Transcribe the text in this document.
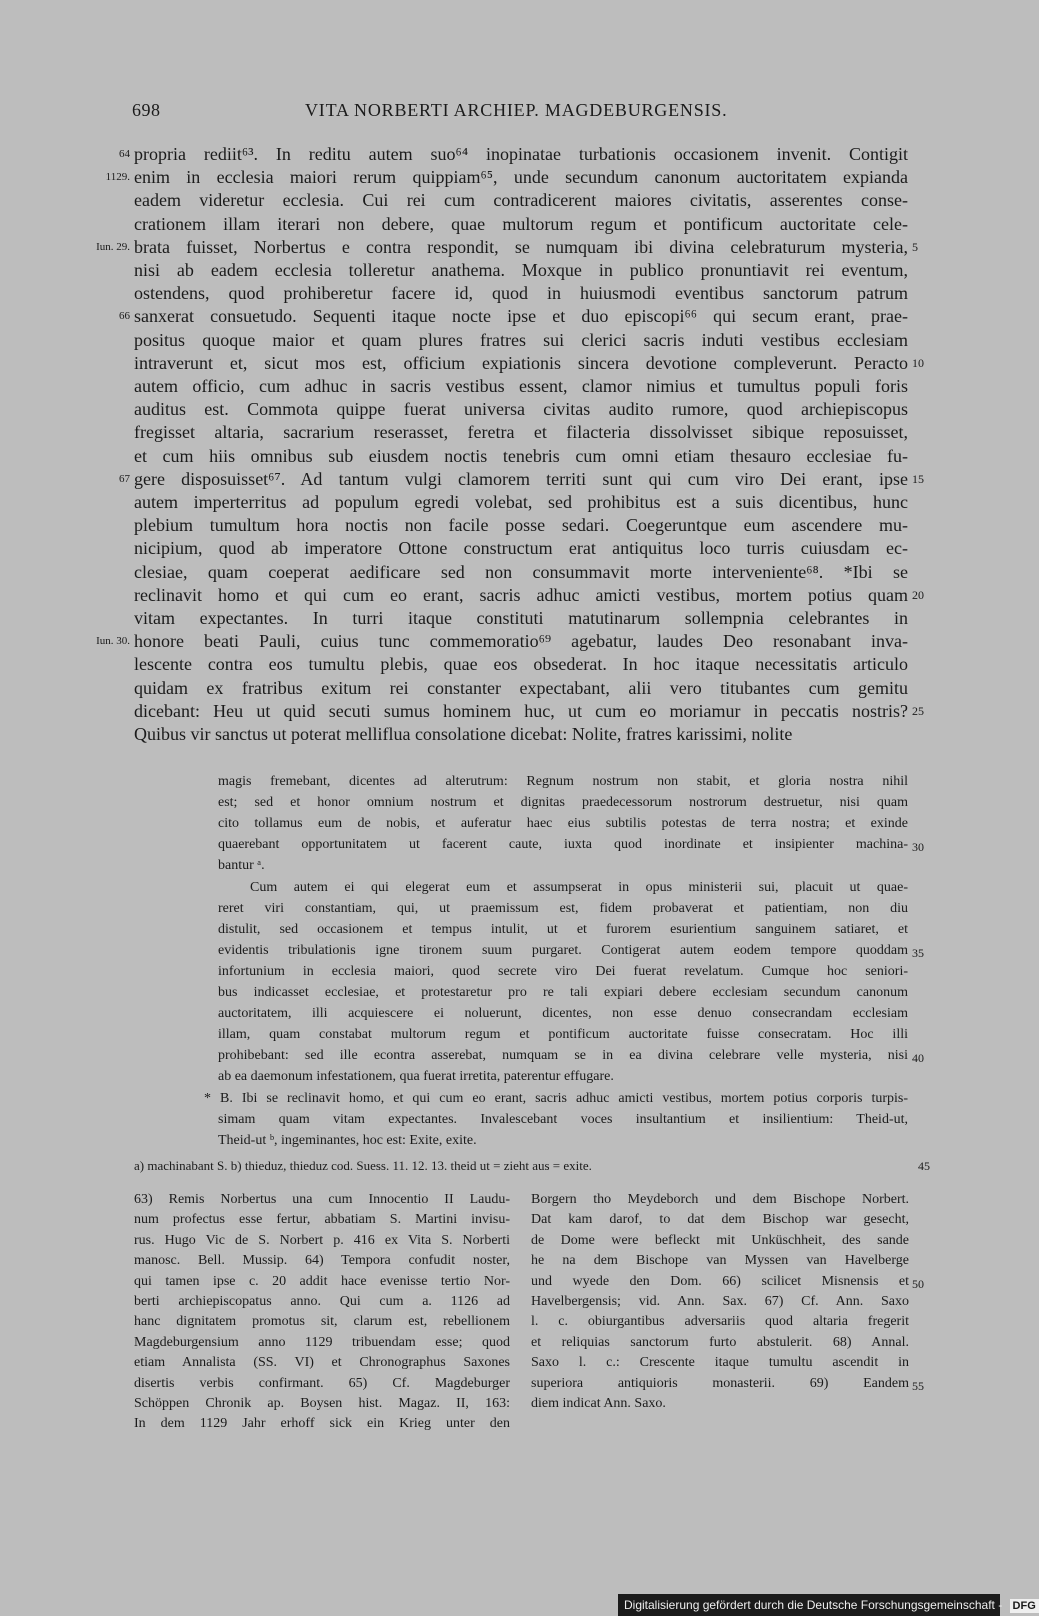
698	VITA NORBERTI ARCHIEP. MAGDEBURGENSIS.
propria rediit⁶³. In reditu autem suo⁶⁴ inopinatae turbationis occasionem invenit. Contigit
64
enim in ecclesia maiori rerum quippiam⁶⁵, unde secundum canonum auctoritatem expianda
1129.
eadem videretur ecclesia. Cui rei cum contradicerent maiores civitatis, asserentes conse-
crationem illam iterari non debere, quae multorum regum et pontificum auctoritate cele-
brata fuisset, Norbertus e contra respondit, se numquam ibi divina celebraturum mysteria,
Iun. 29.	5
nisi ab eadem ecclesia tolleretur anathema. Moxque in publico pronuntiavit rei eventum,
ostendens, quod prohiberetur facere id, quod in huiusmodi eventibus sanctorum patrum
sanxerat consuetudo. Sequenti itaque nocte ipse et duo episcopi⁶⁶ qui secum erant, prae-
66
positus quoque maior et quam plures fratres sui clerici sacris induti vestibus ecclesiam
intraverunt et, sicut mos est, officium expiationis sincera devotione compleverunt. Peracto 10
autem officio, cum adhuc in sacris vestibus essent, clamor nimius et tumultus populi foris
auditus est. Commota quippe fuerat universa civitas audito rumore, quod archiepiscopus
fregisset altaria, sacrarium reserasset, feretra et filacteria dissolvisset sibique reposuisset,
et cum hiis omnibus sub eiusdem noctis tenebris cum omni etiam thesauro ecclesiae fu-
gere disposuisset⁶⁷. Ad tantum vulgi clamorem territi sunt qui cum viro Dei erant, ipse
67	15
autem imperterritus ad populum egredi volebat, sed prohibitus est a suis dicentibus, hunc
plebium tumultum hora noctis non facile posse sedari. Coegeruntque eum ascendere mu-
nicipium, quod ab imperatore Ottone constructum erat antiquitus loco turris cuiusdam ec-
clesiae, quam coeperat aedificare sed non consummavit morte interveniente⁶⁸. *Ibi se
reclinavit homo et qui cum eo erant, sacris adhuc amicti vestibus, mortem potius quam 20
vitam expectantes. In turri itaque constituti matutinarum sollempnia celebrantes in
honore beati Pauli, cuius tunc commemoratio⁶⁹ agebatur, laudes Deo resonabant inva-
Iun. 30.
lescente contra eos tumultu plebis, quae eos obsederat. In hoc itaque necessitatis articulo
quidam ex fratribus exitum rei constanter expectabant, alii vero titubantes cum gemitu
dicebant: Heu ut quid secuti sumus hominem huc, ut cum eo moriamur in peccatis nostris? 25
Quibus vir sanctus ut poterat melliflua consolatione dicebat: Nolite, fratres karissimi, nolite
magis fremebant, dicentes ad alterutrum: Regnum nostrum non stabit, et gloria nostra nihil
est; sed et honor omnium nostrum et dignitas praedecessorum nostrorum destruetur, nisi quam
cito tollamus eum de nobis, et auferatur haec eius subtilis potestas de terra nostra; et exinde
quaerebant opportunitatem ut facerent caute, iuxta quod inordinate et insipienter machina- 30
bantur ᵃ.
Cum autem ei qui elegerat eum et assumpserat in opus ministerii sui, placuit ut quae-
reret viri constantiam, qui, ut praemissum est, fidem probaverat et patientiam, non diu
distulit, sed occasionem et tempus intulit, ut et furorem esurientium sanguinem satiaret, et
evidentis tribulationis igne tironem suum purgaret. Contigerat autem eodem tempore quoddam 35
infortunium in ecclesia maiori, quod secrete viro Dei fuerat revelatum. Cumque hoc seniori-
bus indicasset ecclesiae, et protestaretur pro re tali expiari debere ecclesiam secundum canonum
auctoritatem, illi acquiescere ei noluerunt, dicentes, non esse denuo consecrandam ecclesiam
illam, quam constabat multorum regum et pontificum auctoritate fuisse consecratam. Hoc illi
prohibebant: sed ille econtra asserebat, numquam se in ea divina celebrare velle mysteria, nisi 40
ab ea daemonum infestationem, qua fuerat irretita, paterentur effugare.
* B. Ibi se reclinavit homo, et qui cum eo erant, sacris adhuc amicti vestibus, mortem potius corporis turpis-
simam quam vitam expectantes. Invalescebant voces insultantium et insilientium: Theid-ut,
Theid-ut ᵇ, ingeminantes, hoc est: Exite, exite.
a) machinabant S. b) thieduz, thieduz cod. Suess. 11. 12. 13. theid ut = zieht aus = exite.	45
63) Remis Norbertus una cum Innocentio II Laudu-
num profectus esse fertur, abbatiam S. Martini invisu-
rus. Hugo Vic de S. Norbert p. 416 ex Vita S. Norberti
manosc. Bell. Mussip. 64) Tempora confudit noster,
qui tamen ipse c. 20 addit hace evenisse tertio Nor-
berti archiepiscopatus anno. Qui cum a. 1126 ad
hanc dignitatem promotus sit, clarum est, rebellionem
Magdeburgensium anno 1129 tribuendam esse; quod
etiam Annalista (SS. VI) et Chronographus Saxones
disertis verbis confirmant. 65) Cf. Magdeburger
Schöppen Chronik ap. Boysen hist. Magaz. II, 163:
In dem 1129 Jahr erhoff sick ein Krieg unter den
Borgern tho Meydeborch und dem Bischope Norbert.
Dat kam darof, to dat dem Bischop war gesecht,
de Dome were befleckt mit Unküschheit, des sande
he na dem Bischope van Myssen van Havelberge
und wyede den Dom. 66) scilicet Misnensis et 50
Havelbergensis; vid. Ann. Sax. 67) Cf. Ann. Saxo
l. c. obiurgantibus adversariis quod altaria fregerit
et reliquias sanctorum furto abstulerit. 68) Annal.
Saxo l. c.: Crescente itaque tumultu ascendit in
superiora antiquioris monasterii. 69) Eandem 55
diem indicat Ann. Saxo.
Digitalisierung gefördert durch die Deutsche Forschungsgemeinschaft - DFG
